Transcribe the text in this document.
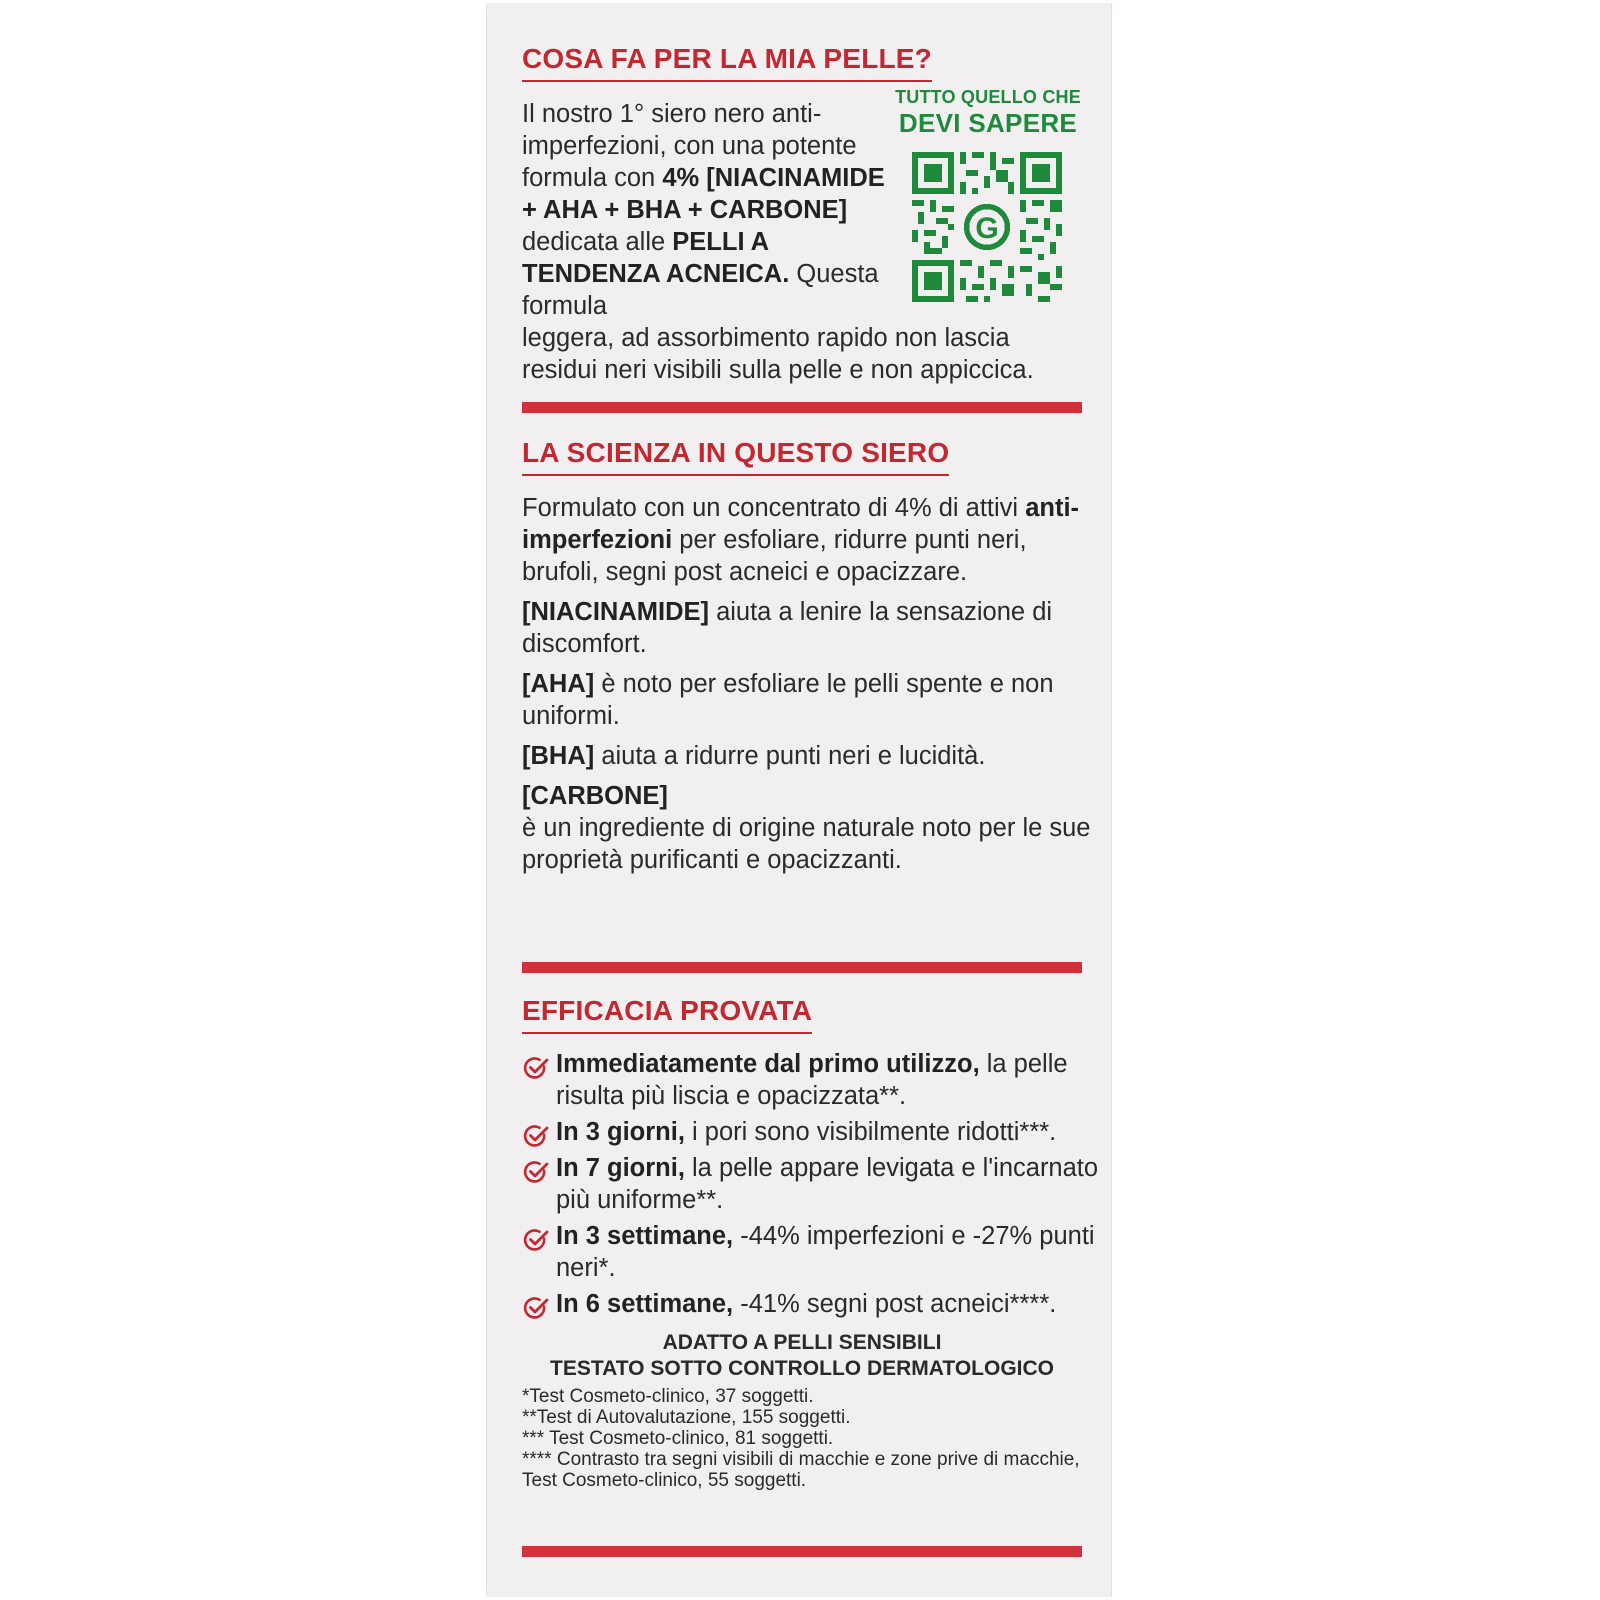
COSA FA PER LA MIA PELLE?
Il nostro 1° siero nero anti-imperfezioni, con una potente formula con 4% [NIACINAMIDE + AHA + BHA + CARBONE] dedicata alle PELLI A TENDENZA ACNEICA. Questa formula

leggera, ad assorbimento rapido non lascia

residui neri visibili sulla pelle e non appiccica.

TUTTO QUELLO CHE
DEVI SAPERE
G
LA SCIENZA IN QUESTO SIERO

Formulato con un concentrato di 4% di attivi anti-imperfezioni per esfoliare, ridurre punti neri, brufoli, segni post acneici e opacizzare.

[NIACINAMIDE] aiuta a lenire la sensazione di discomfort.

[AHA] è noto per esfoliare le pelli spente e non uniformi.

[BHA] aiuta a ridurre punti neri e lucidità.

[CARBONE]
è un ingrediente di origine naturale noto per le sue proprietà purificanti e opacizzanti.

EFFICACIA PROVATA
Immediatamente dal primo utilizzo, la pelle risulta più liscia e opacizzata**.
In 3 giorni, i pori sono visibilmente ridotti***.
In 7 giorni, la pelle appare levigata e l'incarnato più uniforme**.
In 3 settimane, -44% imperfezioni e -27% punti neri*.
In 6 settimane, -41% segni post acneici****.
ADATTO A PELLI SENSIBILI
TESTATO SOTTO CONTROLLO DERMATOLOGICO
*Test Cosmeto-clinico, 37 soggetti.
**Test di Autovalutazione, 155 soggetti.
*** Test Cosmeto-clinico, 81 soggetti.
**** Contrasto tra segni visibili di macchie e zone prive di macchie, Test Cosmeto-clinico, 55 soggetti.
